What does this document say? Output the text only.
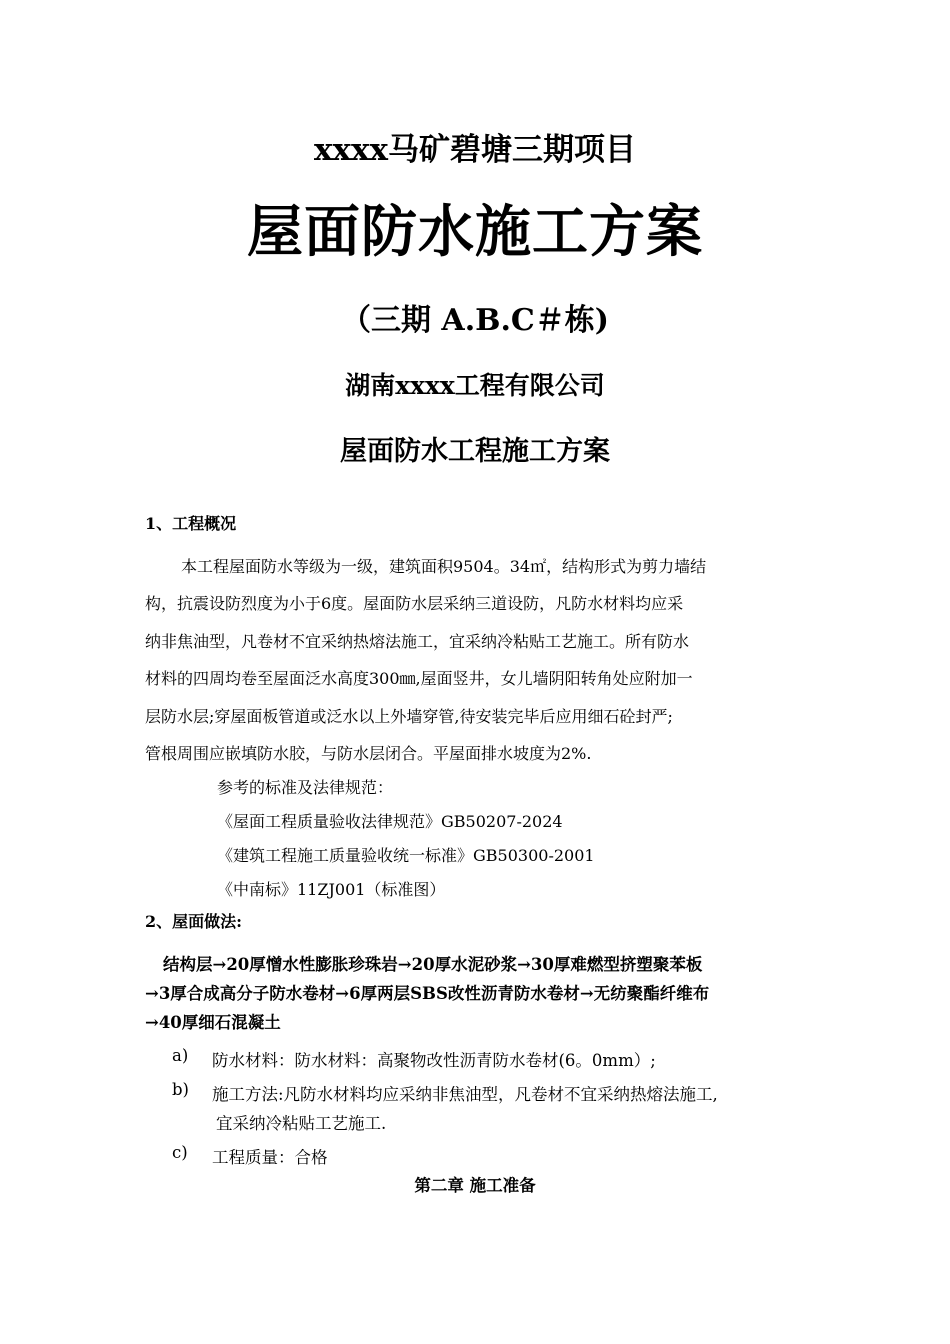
xxxx马矿碧塘三期项目
屋面防水施工方案
（三期 A.B.C＃栋)
湖南xxxx工程有限公司
屋面防水工程施工方案
1、工程概况
本工程屋面防水等级为一级，建筑面积9504。34㎡，结构形式为剪力墙结
构，抗震设防烈度为小于6度。屋面防水层采纳三道设防，凡防水材料均应采
纳非焦油型，凡卷材不宜采纳热熔法施工，宜采纳冷粘贴工艺施工。所有防水
材料的四周均卷至屋面泛水高度300㎜,屋面竖井，女儿墙阴阳转角处应附加一
层防水层;穿屋面板管道或泛水以上外墙穿管,待安装完毕后应用细石砼封严;
管根周围应嵌填防水胶，与防水层闭合。平屋面排水坡度为2%.
参考的标准及法律规范：
《屋面工程质量验收法律规范》GB50207-2024
《建筑工程施工质量验收统一标准》GB50300-2001
《中南标》11ZJ001（标准图）
2、屋面做法:
结构层→20厚憎水性膨胀珍珠岩→20厚水泥砂浆→30厚难燃型挤塑聚苯板
→3厚合成高分子防水卷材→6厚两层SBS改性沥青防水卷材→无纺聚酯纤维布
→40厚细石混凝土
a) 防水材料：防水材料：高聚物改性沥青防水卷材(6。0mm）;
b) 施工方法:凡防水材料均应采纳非焦油型，凡卷材不宜采纳热熔法施工,
宜采纳冷粘贴工艺施工.
c) 工程质量：合格
第二章 施工准备
